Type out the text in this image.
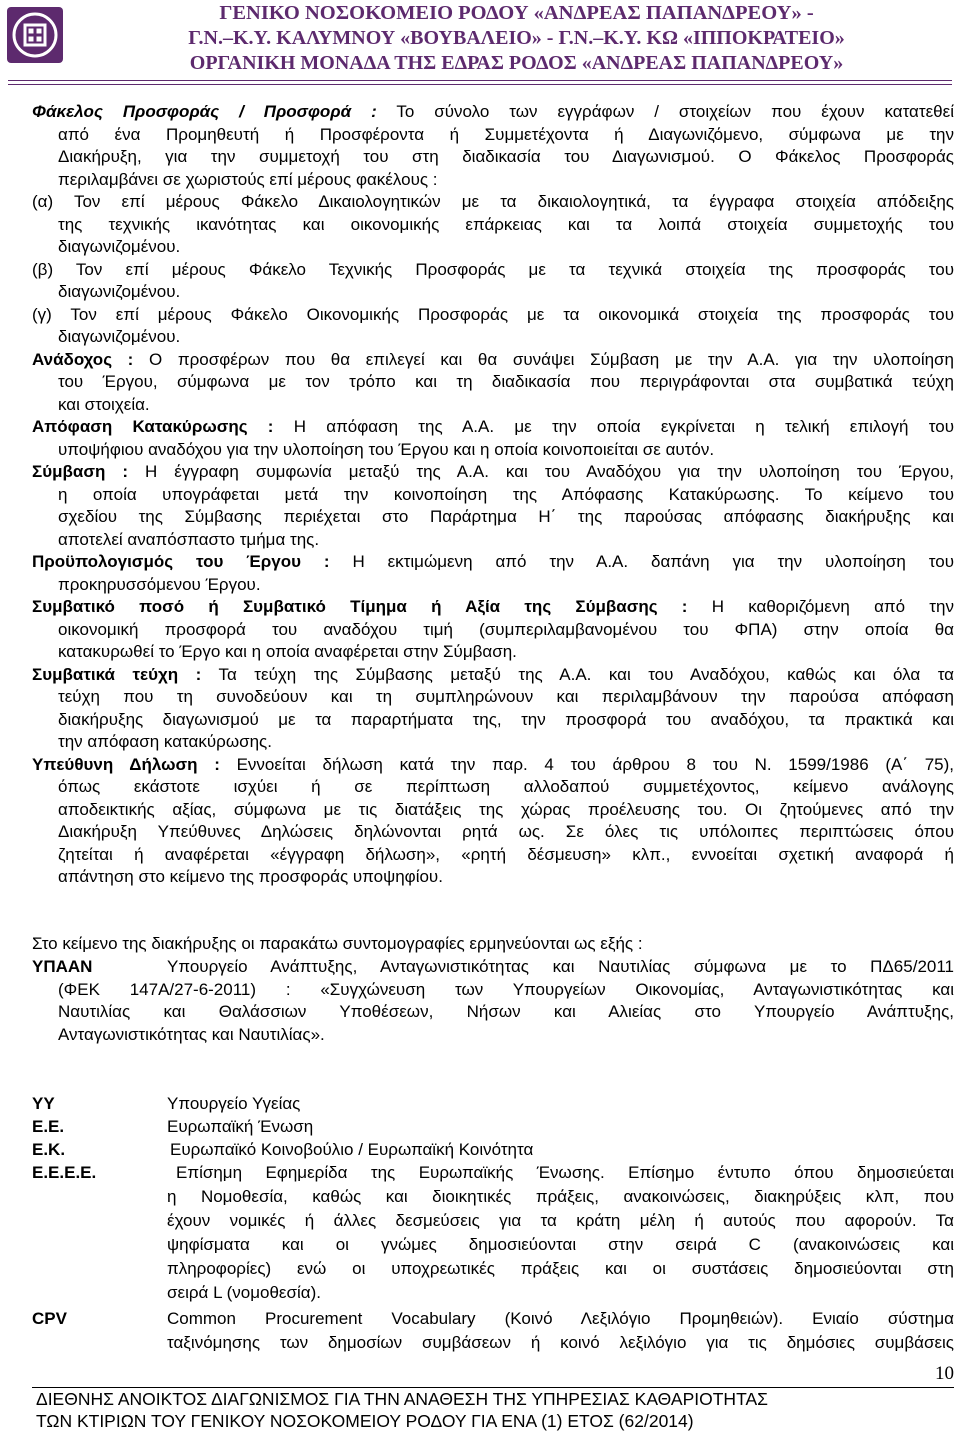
ΓΕΝΙΚΟ ΝΟΣΟΚΟΜΕΙΟ ΡΟΔΟΥ «ΑΝΔΡΕΑΣ ΠΑΠΑΝΔΡΕΟΥ» -
Γ.Ν.–Κ.Υ. ΚΑΛΥΜΝΟΥ «ΒΟΥΒΑΛΕΙΟ» - Γ.Ν.–Κ.Υ. ΚΩ «ΙΠΠΟΚΡΑΤΕΙΟ»
ΟΡΓΑΝΙΚΗ ΜΟΝΑΔΑ ΤΗΣ ΕΔΡΑΣ ΡΟΔΟΣ «ΑΝΔΡΕΑΣ ΠΑΠΑΝΔΡΕΟΥ»
Φάκελος Προσφοράς / Προσφορά : Το σύνολο των εγγράφων / στοιχείων που έχουν κατατεθεί
από ένα Προμηθευτή ή Προσφέροντα ή Συμμετέχοντα ή Διαγωνιζόμενο, σύμφωνα με την
Διακήρυξη, για την συμμετοχή του στη διαδικασία του Διαγωνισμού. Ο Φάκελος Προσφοράς
περιλαμβάνει σε χωριστούς επί μέρους φακέλους :
(α) Τον επί μέρους Φάκελο Δικαιολογητικών με τα δικαιολογητικά, τα έγγραφα στοιχεία απόδειξης
της τεχνικής ικανότητας και οικονομικής επάρκειας και τα λοιπά στοιχεία συμμετοχής του
διαγωνιζομένου.
(β) Τον επί μέρους Φάκελο Τεχνικής Προσφοράς με τα τεχνικά στοιχεία της προσφοράς του
διαγωνιζομένου.
(γ) Τον επί μέρους Φάκελο Οικονομικής Προσφοράς με τα οικονομικά στοιχεία της προσφοράς του
διαγωνιζομένου.
Ανάδοχος : Ο προσφέρων που θα επιλεγεί και θα συνάψει Σύμβαση με την Α.Α. για την υλοποίηση
του Έργου, σύμφωνα με τον τρόπο και τη διαδικασία που περιγράφονται στα συμβατικά τεύχη
και στοιχεία.
Απόφαση Κατακύρωσης : Η απόφαση της Α.Α. με την οποία εγκρίνεται η τελική επιλογή του
υποψήφιου αναδόχου για την υλοποίηση του Έργου και η οποία κοινοποιείται σε αυτόν.
Σύμβαση : Η έγγραφη συμφωνία μεταξύ της Α.Α. και του Αναδόχου για την υλοποίηση του Έργου,
η οποία υπογράφεται μετά την κοινοποίηση της Απόφασης Κατακύρωσης. Το κείμενο του
σχεδίου της Σύμβασης περιέχεται στο Παράρτημα Η΄ της παρούσας απόφασης διακήρυξης και
αποτελεί αναπόσπαστο τμήμα της.
Προϋπολογισμός του Έργου : Η εκτιμώμενη από την Α.Α. δαπάνη για την υλοποίηση του
προκηρυσσόμενου Έργου.
Συμβατικό ποσό ή Συμβατικό Τίμημα ή Αξία της Σύμβασης : Η καθοριζόμενη από την
οικονομική προσφορά του αναδόχου τιμή (συμπεριλαμβανομένου του ΦΠΑ) στην οποία θα
κατακυρωθεί το Έργο και η οποία αναφέρεται στην Σύμβαση.
Συμβατικά τεύχη : Τα τεύχη της Σύμβασης μεταξύ της Α.Α. και του Αναδόχου, καθώς και όλα τα
τεύχη που τη συνοδεύουν και τη συμπληρώνουν και περιλαμβάνουν την παρούσα απόφαση
διακήρυξης διαγωνισμού με τα παραρτήματα της, την προσφορά του αναδόχου, τα πρακτικά και
την απόφαση κατακύρωσης.
Υπεύθυνη Δήλωση : Εννοείται δήλωση κατά την παρ. 4 του άρθρου 8 του Ν. 1599/1986 (Α΄ 75),
όπως εκάστοτε ισχύει ή σε περίπτωση αλλοδαπού συμμετέχοντος, κείμενο ανάλογης
αποδεικτικής αξίας, σύμφωνα με τις διατάξεις της χώρας προέλευσης του. Οι ζητούμενες από την
Διακήρυξη Υπεύθυνες Δηλώσεις δηλώνονται ρητά ως. Σε όλες τις υπόλοιπες περιπτώσεις όπου
ζητείται ή αναφέρεται «έγγραφη δήλωση», «ρητή δέσμευση» κλπ., εννοείται σχετική αναφορά ή
απάντηση στο κείμενο της προσφοράς υποψηφίου.
Στο κείμενο της διακήρυξης οι παρακάτω συντομογραφίες ερμηνεύονται ως εξής :
ΥΠΑΑΝ	Υπουργείο Ανάπτυξης, Ανταγωνιστικότητας και Ναυτιλίας σύμφωνα με το ΠΔ65/2011
(ΦΕΚ 147Α/27-6-2011) : «Συγχώνευση των Υπουργείων Οικονομίας, Ανταγωνιστικότητας και
Ναυτιλίας και Θαλάσσιων Υποθέσεων, Νήσων και Αλιείας στο Υπουργείο Ανάπτυξης,
Ανταγωνιστικότητας και Ναυτιλίας».
ΥΥ	Υπουργείο Υγείας
Ε.Ε.	Ευρωπαϊκή Ένωση
Ε.Κ.	Ευρωπαϊκό Κοινοβούλιο / Ευρωπαϊκή Κοινότητα
Ε.Ε.Ε.Ε.	Επίσημη Εφημερίδα της Ευρωπαϊκής Ένωσης. Επίσημο έντυπο όπου δημοσιεύεται
η Νομοθεσία, καθώς και διοικητικές πράξεις, ανακοινώσεις, διακηρύξεις κλπ, που
έχουν νομικές ή άλλες δεσμεύσεις για τα κράτη μέλη ή αυτούς που αφορούν. Τα
ψηφίσματα και οι γνώμες δημοσιεύονται στην σειρά C (ανακοινώσεις και
πληροφορίες) ενώ οι υποχρεωτικές πράξεις και οι συστάσεις δημοσιεύονται στη
σειρά L (νομοθεσία).
CPV	Common Procurement Vocabulary (Κοινό Λεξιλόγιο Προμηθειών). Ενιαίο σύστημα
ταξινόμησης των δημοσίων συμβάσεων ή κοινό λεξιλόγιο για τις δημόσιες συμβάσεις
10
ΔΙΕΘΝΗΣ ΑΝΟΙΚΤΟΣ ΔΙΑΓΩΝΙΣΜΟΣ ΓΙΑ ΤΗΝ ΑΝΑΘΕΣΗ ΤΗΣ ΥΠΗΡΕΣΙΑΣ ΚΑΘΑΡΙΟΤΗΤΑΣ
ΤΩΝ ΚΤΙΡΙΩΝ ΤΟΥ ΓΕΝΙΚΟΥ ΝΟΣΟΚΟΜΕΙΟΥ ΡΟΔΟΥ ΓΙΑ ΕΝΑ (1) ΕΤΟΣ (62/2014)
